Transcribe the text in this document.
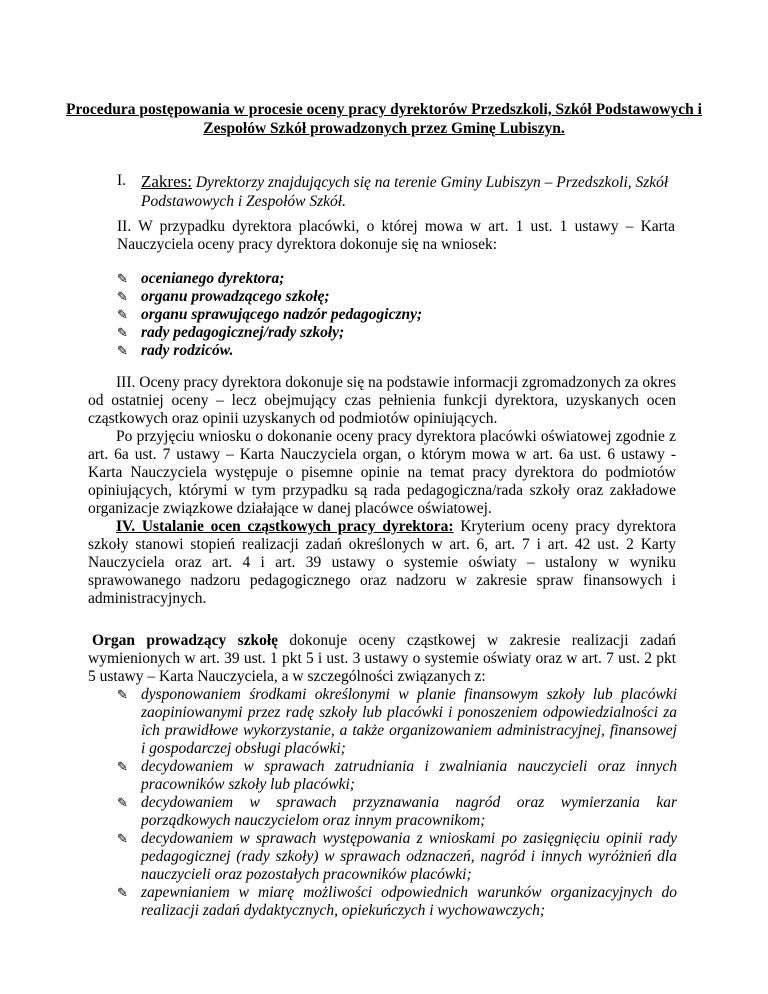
Procedura postępowania w procesie oceny pracy dyrektorów Przedszkoli, Szkół Podstawowych i Zespołów Szkół prowadzonych przez Gminę Lubiszyn.
I. Zakres: Dyrektorzy znajdujących się na terenie Gminy Lubiszyn – Przedszkoli, Szkół Podstawowych i Zespołów Szkół.
II. W przypadku dyrektora placówki, o której mowa w art. 1 ust. 1 ustawy – Karta Nauczyciela oceny pracy dyrektora dokonuje się na wniosek:
✎ ocenianego dyrektora;
✎ organu prowadzącego szkołę;
✎ organu sprawującego nadzór pedagogiczny;
✎ rady pedagogicznej/rady szkoły;
✎ rady rodziców.
III. Oceny pracy dyrektora dokonuje się na podstawie informacji zgromadzonych za okres od ostatniej oceny – lecz obejmujący czas pełnienia funkcji dyrektora, uzyskanych ocen cząstkowych oraz opinii uzyskanych od podmiotów opiniujących.
Po przyjęciu wniosku o dokonanie oceny pracy dyrektora placówki oświatowej zgodnie z art. 6a ust. 7 ustawy – Karta Nauczyciela organ, o którym mowa w art. 6a ust. 6 ustawy - Karta Nauczyciela występuje o pisemne opinie na temat pracy dyrektora do podmiotów opiniujących, którymi w tym przypadku są rada pedagogiczna/rada szkoły oraz zakładowe organizacje związkowe działające w danej placówce oświatowej.
IV. Ustalanie ocen cząstkowych pracy dyrektora: Kryterium oceny pracy dyrektora szkoły stanowi stopień realizacji zadań określonych w art. 6, art. 7 i art. 42 ust. 2 Karty Nauczyciela oraz art. 4 i art. 39 ustawy o systemie oświaty – ustalony w wyniku sprawowanego nadzoru pedagogicznego oraz nadzoru w zakresie spraw finansowych i administracyjnych.
Organ prowadzący szkołę dokonuje oceny cząstkowej w zakresie realizacji zadań wymienionych w art. 39 ust. 1 pkt 5 i ust. 3 ustawy o systemie oświaty oraz w art. 7 ust. 2 pkt 5 ustawy – Karta Nauczyciela, a w szczególności związanych z:
✎ dysponowaniem środkami określonymi w planie finansowym szkoły lub placówki zaopiniowanymi przez radę szkoły lub placówki i ponoszeniem odpowiedzialności za ich prawidłowe wykorzystanie, a także organizowaniem administracyjnej, finansowej i gospodarczej obsługi placówki;
✎ decydowaniem w sprawach zatrudniania i zwalniania nauczycieli oraz innych pracowników szkoły lub placówki;
✎ decydowaniem w sprawach przyznawania nagród oraz wymierzania kar porządkowych nauczycielom oraz innym pracownikom;
✎ decydowaniem w sprawach występowania z wnioskami po zasięgnięciu opinii rady pedagogicznej (rady szkoły) w sprawach odznaczeń, nagród i innych wyróżnień dla nauczycieli oraz pozostałych pracowników placówki;
✎ zapewnianiem w miarę możliwości odpowiednich warunków organizacyjnych do realizacji zadań dydaktycznych, opiekuńczych i wychowawczych;
